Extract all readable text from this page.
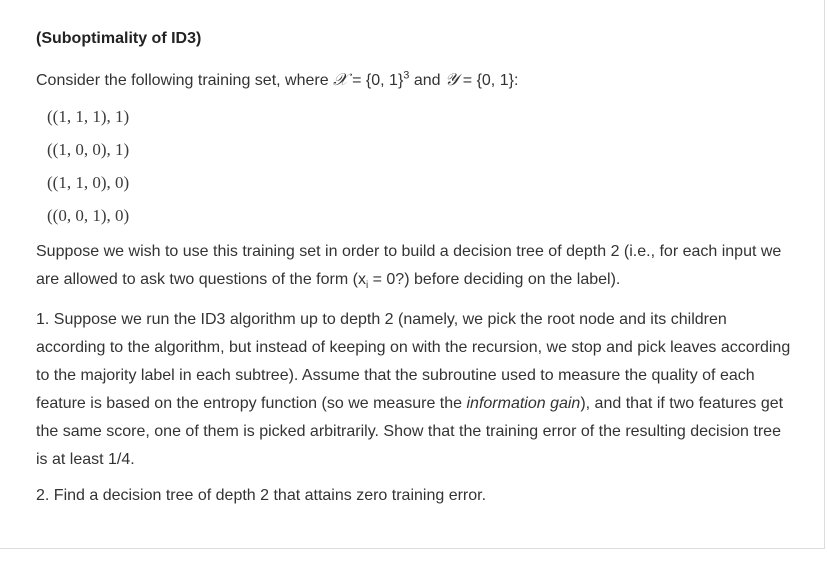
(Suboptimality of ID3)

Consider the following training set, where 𝒳 = {0, 1}$^3$ and 𝒴 = {0, 1}:

((1, 1, 1), 1)
((1, 0, 0), 1)
((1, 1, 0), 0)
((0, 0, 1), 0)

Suppose we wish to use this training set in order to build a decision tree of depth 2 (i.e., for each input we are allowed to ask two questions of the form ($x_i$ = 0?) before deciding on the label).

1. Suppose we run the ID3 algorithm up to depth 2 (namely, we pick the root node and its children according to the algorithm, but instead of keeping on with the recursion, we stop and pick leaves according to the majority label in each subtree). Assume that the subroutine used to measure the quality of each feature is based on the entropy function (so we measure the information gain), and that if two features get the same score, one of them is picked arbitrarily. Show that the training error of the resulting decision tree is at least 1/4.

2. Find a decision tree of depth 2 that attains zero training error.
